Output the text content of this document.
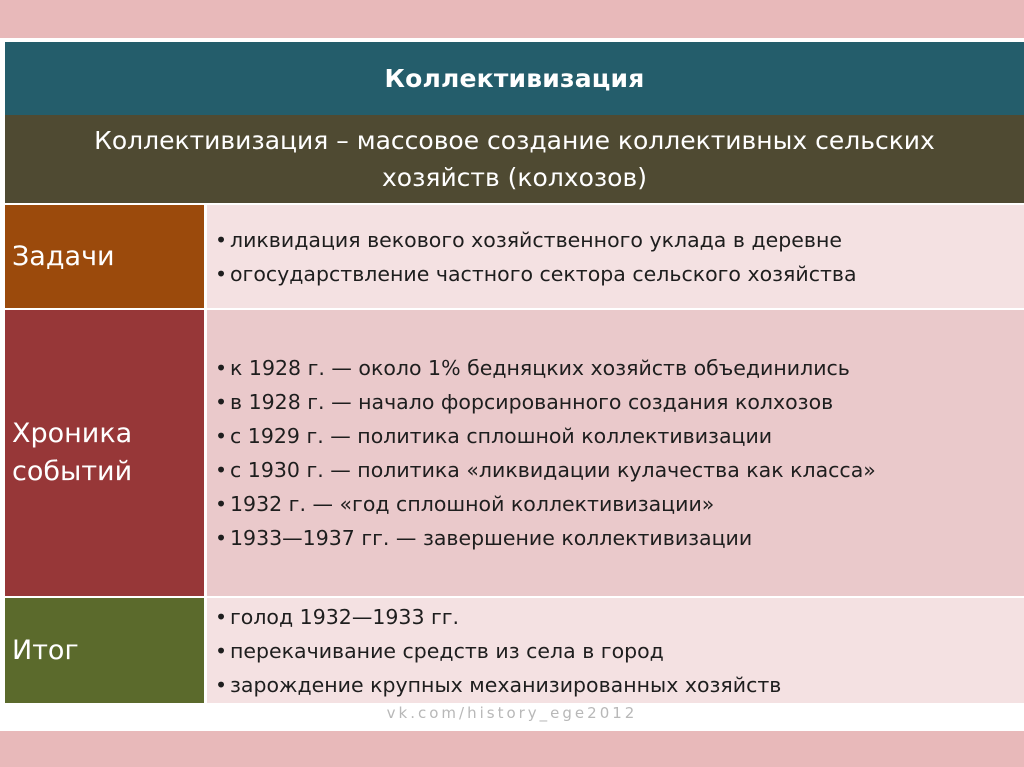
Коллективизация
Коллективизация – массовое создание коллективных сельских хозяйств (колхозов)
Задачи
• ликвидация векового хозяйственного уклада в деревне
• огосударствление частного сектора сельского хозяйства
Хроника событий
• к 1928 г. — около 1% бедняцких хозяйств объединились
• в 1928 г. — начало форсированного создания колхозов
• с 1929 г. — политика сплошной коллективизации
• с 1930 г. — политика «ликвидации кулачества как класса»
• 1932 г. — «год сплошной коллективизации»
• 1933—1937 гг. — завершение коллективизации
Итог
• голод 1932—1933 гг.
• перекачивание средств из села в город
• зарождение крупных механизированных хозяйств
vk.com/history_ege2012
